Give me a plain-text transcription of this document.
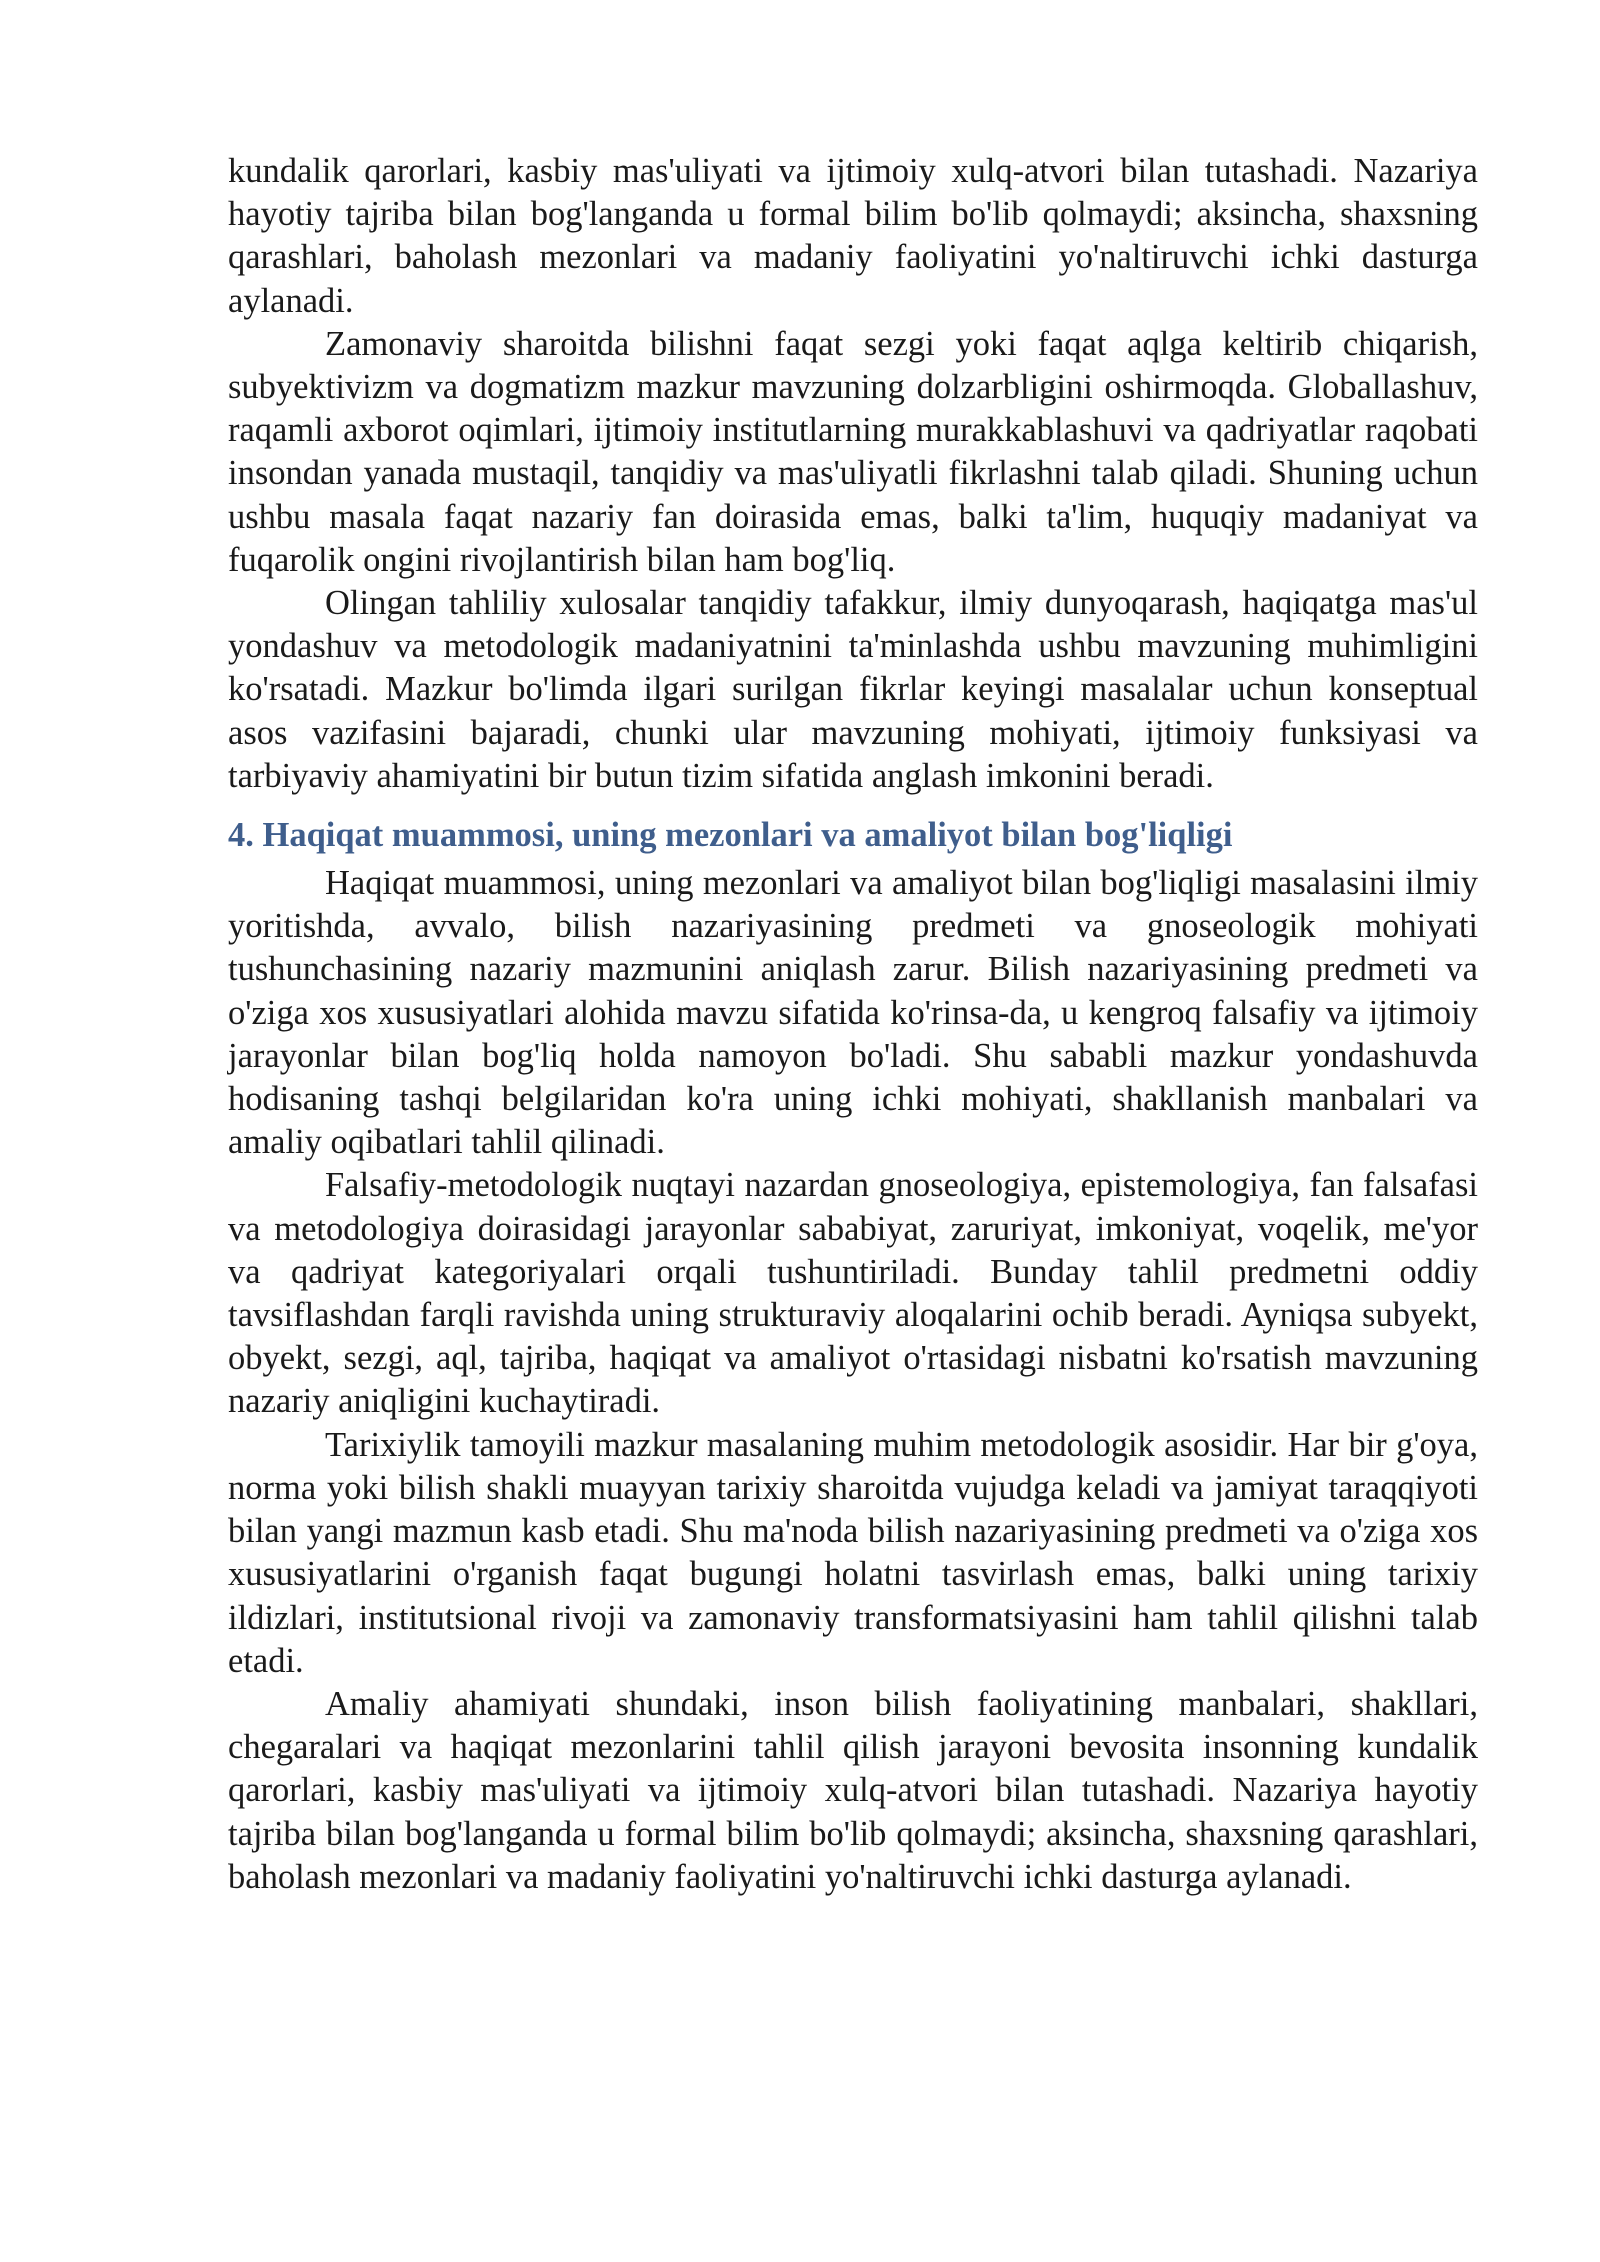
kundalik qarorlari, kasbiy mas'uliyati va ijtimoiy xulq-atvori bilan tutashadi. Nazariya hayotiy tajriba bilan bog'langanda u formal bilim bo'lib qolmaydi; aksincha, shaxsning qarashlari, baholash mezonlari va madaniy faoliyatini yo'naltiruvchi ichki dasturga aylanadi.

Zamonaviy sharoitda bilishni faqat sezgi yoki faqat aqlga keltirib chiqarish, subyektivizm va dogmatizm mazkur mavzuning dolzarbligini oshirmoqda. Globallashuv, raqamli axborot oqimlari, ijtimoiy institutlarning murakkablashuvi va qadriyatlar raqobati insondan yanada mustaqil, tanqidiy va mas'uliyatli fikrlashni talab qiladi. Shuning uchun ushbu masala faqat nazariy fan doirasida emas, balki ta'lim, huquqiy madaniyat va fuqarolik ongini rivojlantirish bilan ham bog'liq.

Olingan tahliliy xulosalar tanqidiy tafakkur, ilmiy dunyoqarash, haqiqatga mas'ul yondashuv va metodologik madaniyatnini ta'minlashda ushbu mavzuning muhimligini ko'rsatadi. Mazkur bo'limda ilgari surilgan fikrlar keyingi masalalar uchun konseptual asos vazifasini bajaradi, chunki ular mavzuning mohiyati, ijtimoiy funksiyasi va tarbiyaviy ahamiyatini bir butun tizim sifatida anglash imkonini beradi.

4. Haqiqat muammosi, uning mezonlari va amaliyot bilan bog'liqligi

Haqiqat muammosi, uning mezonlari va amaliyot bilan bog'liqligi masalasini ilmiy yoritishda, avvalo, bilish nazariyasining predmeti va gnoseologik mohiyati tushunchasining nazariy mazmunini aniqlash zarur. Bilish nazariyasining predmeti va o'ziga xos xususiyatlari alohida mavzu sifatida ko'rinsa-da, u kengroq falsafiy va ijtimoiy jarayonlar bilan bog'liq holda namoyon bo'ladi. Shu sababli mazkur yondashuvda hodisaning tashqi belgilaridan ko'ra uning ichki mohiyati, shakllanish manbalari va amaliy oqibatlari tahlil qilinadi.

Falsafiy-metodologik nuqtayi nazardan gnoseologiya, epistemologiya, fan falsafasi va metodologiya doirasidagi jarayonlar sababiyat, zaruriyat, imkoniyat, voqelik, me'yor va qadriyat kategoriyalari orqali tushuntiriladi. Bunday tahlil predmetni oddiy tavsiflashdan farqli ravishda uning strukturaviy aloqalarini ochib beradi. Ayniqsa subyekt, obyekt, sezgi, aql, tajriba, haqiqat va amaliyot o'rtasidagi nisbatni ko'rsatish mavzuning nazariy aniqligini kuchaytiradi.

Tarixiylik tamoyili mazkur masalaning muhim metodologik asosidir. Har bir g'oya, norma yoki bilish shakli muayyan tarixiy sharoitda vujudga keladi va jamiyat taraqqiyoti bilan yangi mazmun kasb etadi. Shu ma'noda bilish nazariyasining predmeti va o'ziga xos xususiyatlarini o'rganish faqat bugungi holatni tasvirlash emas, balki uning tarixiy ildizlari, institutsional rivoji va zamonaviy transformatsiyasini ham tahlil qilishni talab etadi.

Amaliy ahamiyati shundaki, inson bilish faoliyatining manbalari, shakllari, chegaralari va haqiqat mezonlarini tahlil qilish jarayoni bevosita insonning kundalik qarorlari, kasbiy mas'uliyati va ijtimoiy xulq-atvori bilan tutashadi. Nazariya hayotiy tajriba bilan bog'langanda u formal bilim bo'lib qolmaydi; aksincha, shaxsning qarashlari, baholash mezonlari va madaniy faoliyatini yo'naltiruvchi ichki dasturga aylanadi.
